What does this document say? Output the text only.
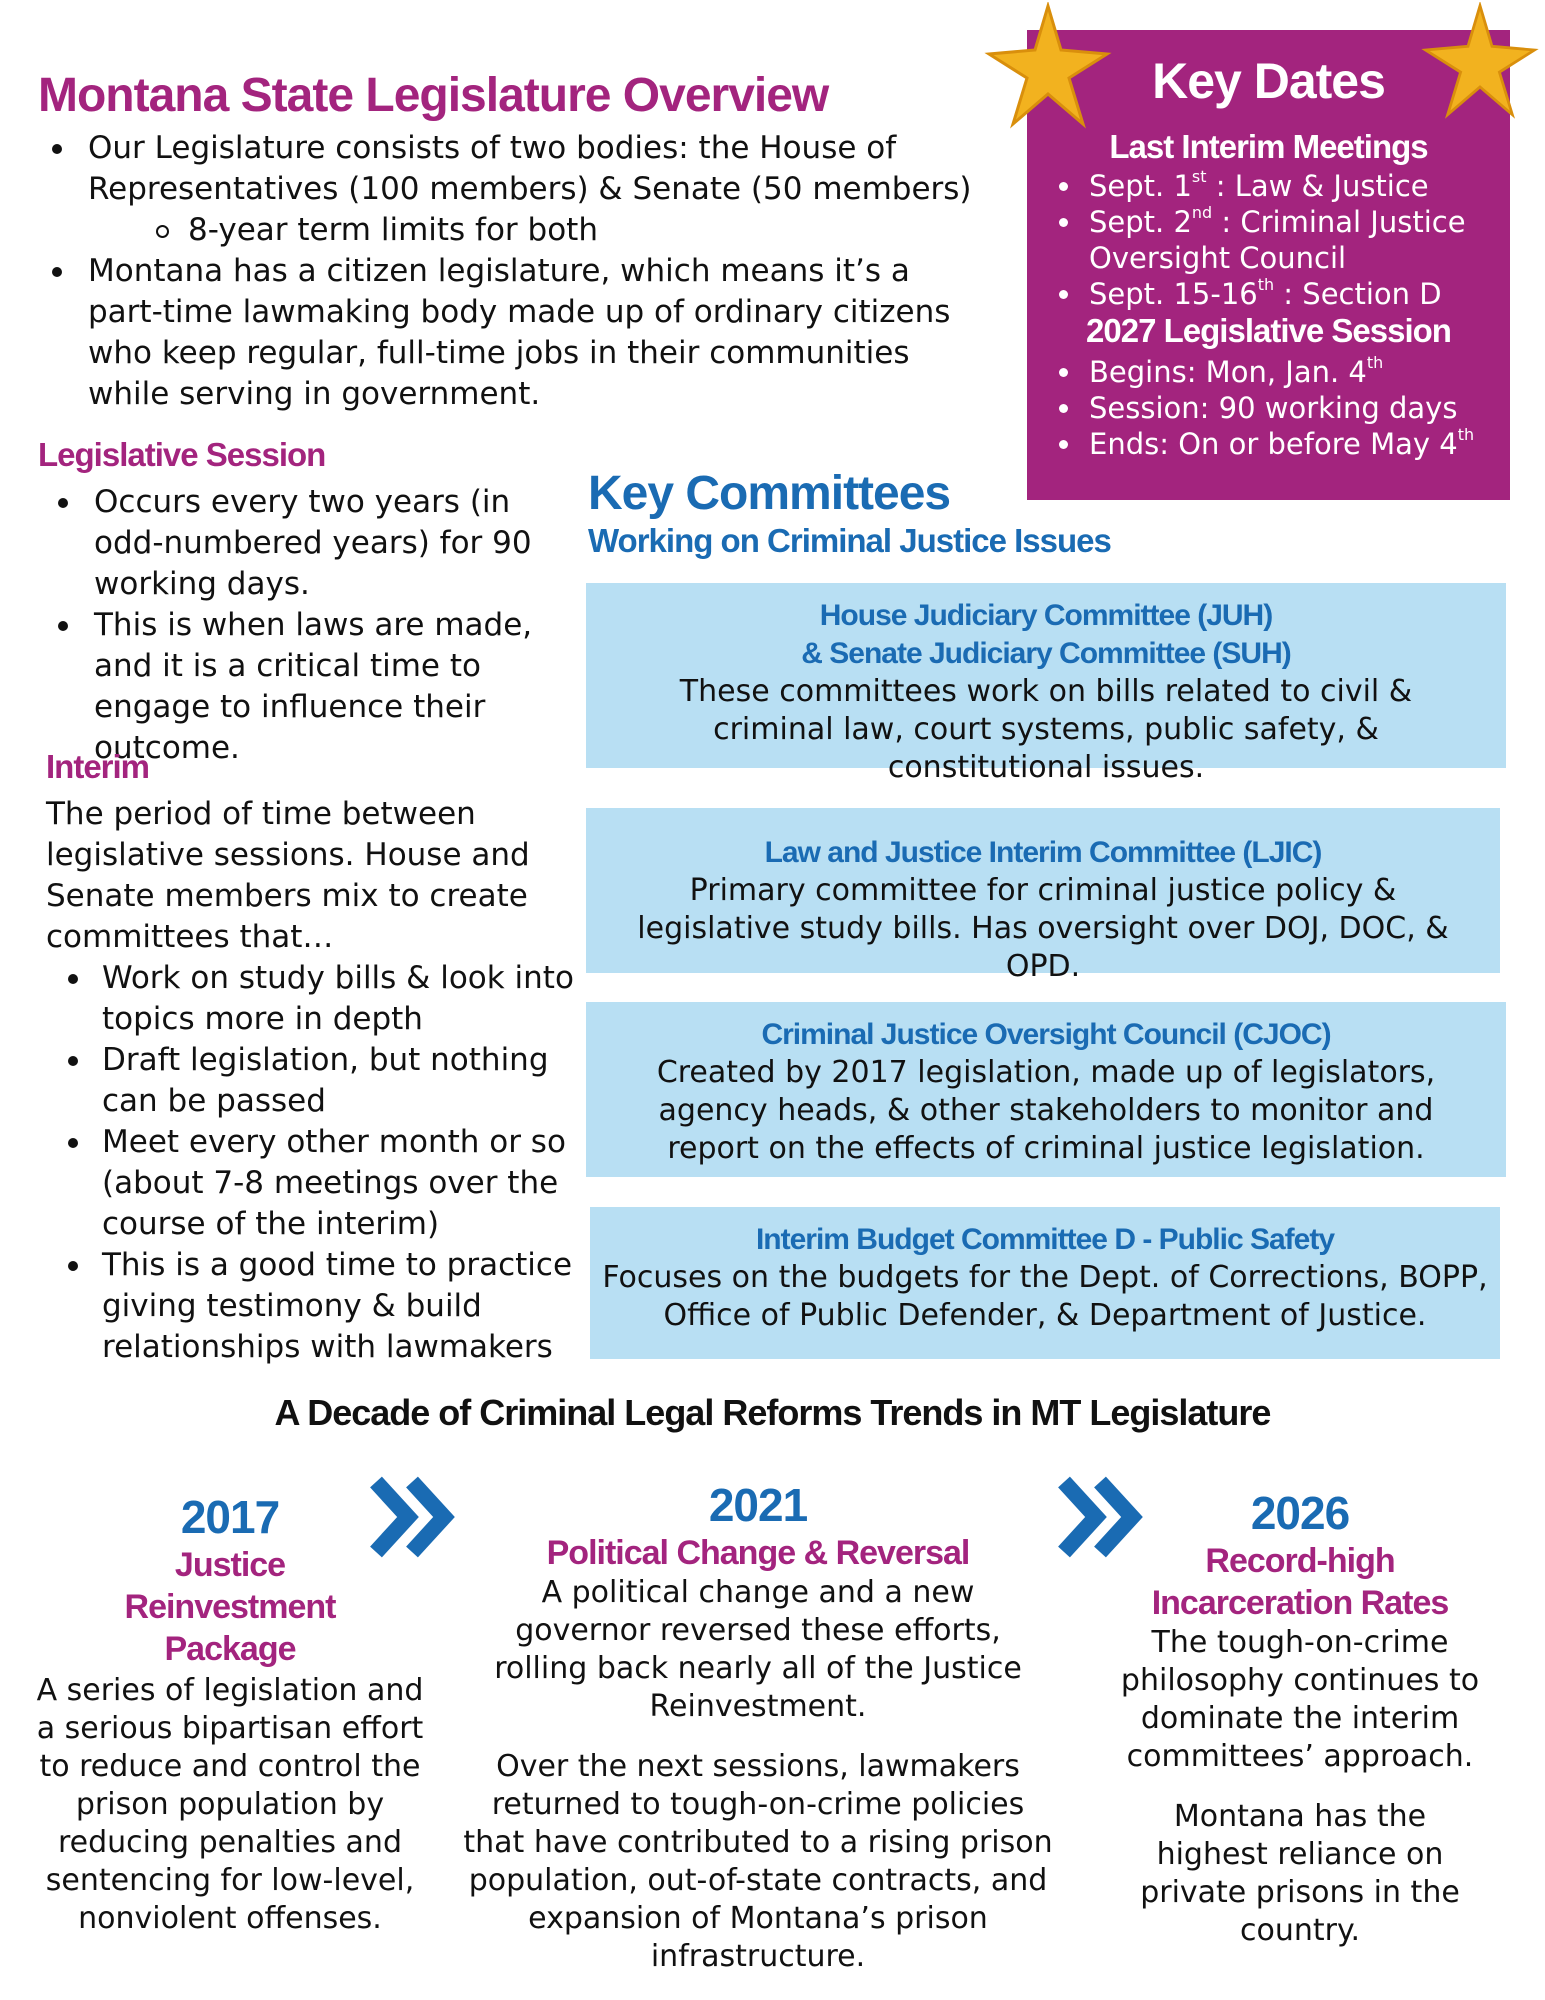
Montana State Legislature Overview
Our Legislature consists of two bodies: the House of Representatives (100 members) & Senate (50 members)
8-year term limits for both
Montana has a citizen legislature, which means it’s a part-time lawmaking body made up of ordinary citizens who keep regular, full-time jobs in their communities while serving in government.
Legislative Session
Occurs every two years (in odd-numbered years) for 90 working days.
This is when laws are made, and it is a critical time to engage to influence their outcome.
Interim
The period of time between legislative sessions. House and Senate members mix to create committees that…
Work on study bills & look into topics more in depth
Draft legislation, but nothing can be passed
Meet every other month or so (about 7-8 meetings over the course of the interim)
This is a good time to practice giving testimony & build relationships with lawmakers
Key Dates
Last Interim Meetings
Sept. 1st : Law & Justice
Sept. 2nd : Criminal Justice Oversight Council
Sept. 15-16th : Section D
2027 Legislative Session
Begins: Mon, Jan. 4th
Session: 90 working days
Ends: On or before May 4th
Key Committees
Working on Criminal Justice Issues
House Judiciary Committee (JUH)
& Senate Judiciary Committee (SUH)
These committees work on bills related to civil & criminal law, court systems, public safety, & constitutional issues.
Law and Justice Interim Committee (LJIC)
Primary committee for criminal justice policy & legislative study bills. Has oversight over DOJ, DOC, & OPD.
Criminal Justice Oversight Council (CJOC)
Created by 2017 legislation, made up of legislators, agency heads, & other stakeholders to monitor and report on the effects of criminal justice legislation.
Interim Budget Committee D - Public Safety
Focuses on the budgets for the Dept. of Corrections, BOPP, Office of Public Defender, & Department of Justice.
A Decade of Criminal Legal Reforms Trends in MT Legislature
2017
Justice Reinvestment Package
A series of legislation and a serious bipartisan effort to reduce and control the prison population by reducing penalties and sentencing for low-level, nonviolent offenses.
2021
Political Change & Reversal
A political change and a new governor reversed these efforts, rolling back nearly all of the Justice Reinvestment.
Over the next sessions, lawmakers returned to tough-on-crime policies that have contributed to a rising prison population, out-of-state contracts, and expansion of Montana’s prison infrastructure.
2026
Record-high Incarceration Rates
The tough-on-crime philosophy continues to dominate the interim committees’ approach.
Montana has the highest reliance on private prisons in the country.
